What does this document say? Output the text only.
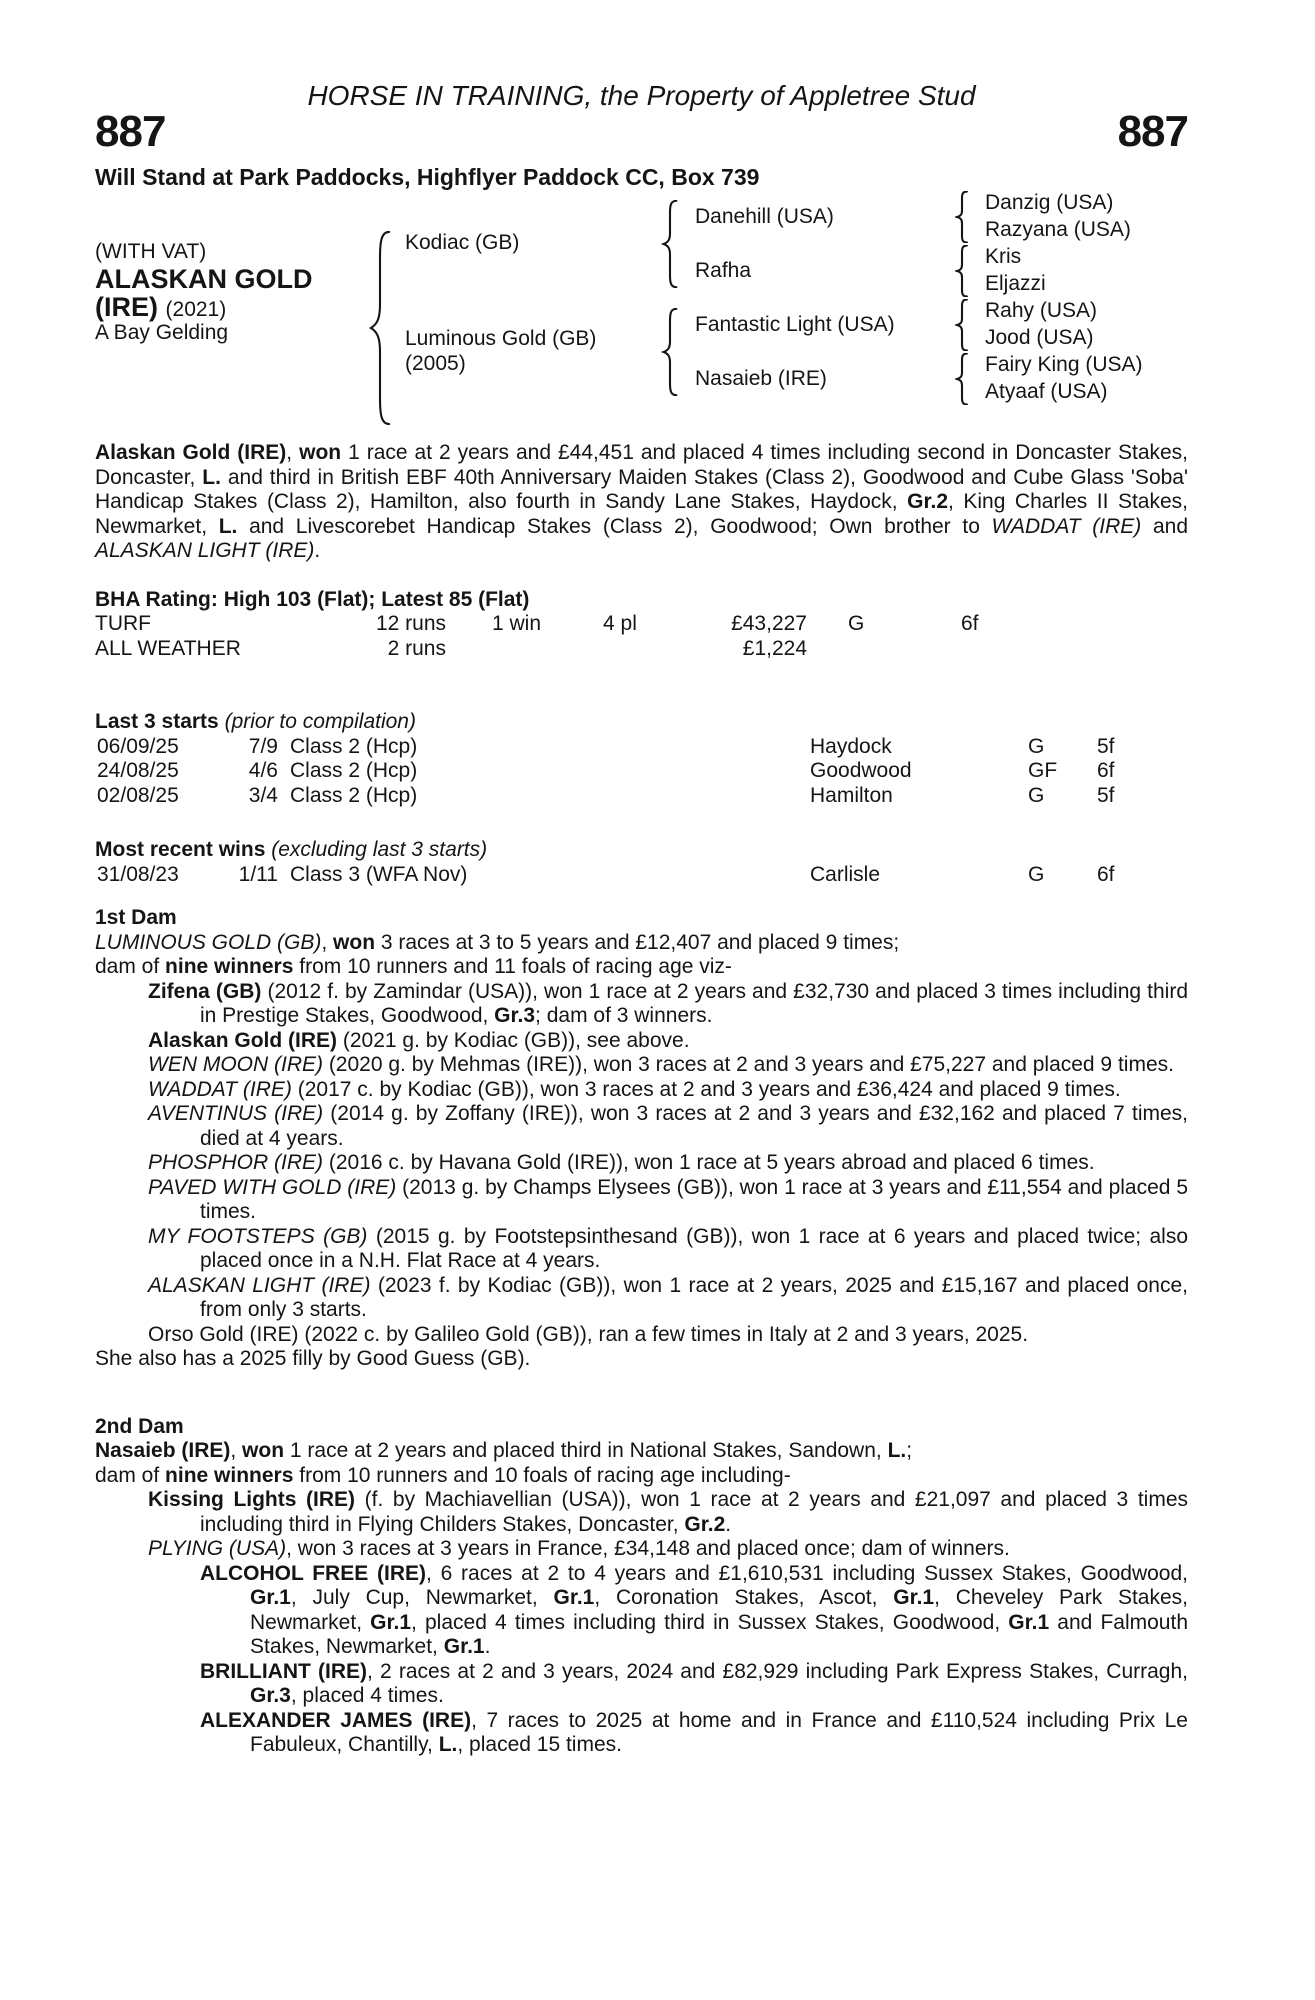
HORSE IN TRAINING, the Property of Appletree Stud
887	887
Will Stand at Park Paddocks, Highflyer Paddock CC, Box 739
(WITH VAT)
ALASKAN GOLD
(IRE) (2021)
A Bay Gelding
Kodiac (GB)
Luminous Gold (GB)
(2005)
Danehill (USA)
Rafha
Fantastic Light (USA)
Nasaieb (IRE)
Danzig (USA)
Razyana (USA)
Kris
Eljazzi
Rahy (USA)
Jood (USA)
Fairy King (USA)
Atyaaf (USA)
Alaskan Gold (IRE), won 1 race at 2 years and £44,451 and placed 4 times including second in Doncaster Stakes, Doncaster, L. and third in British EBF 40th Anniversary Maiden Stakes (Class 2), Goodwood and Cube Glass 'Soba' Handicap Stakes (Class 2), Hamilton, also fourth in Sandy Lane Stakes, Haydock, Gr.2, King Charles II Stakes, Newmarket, L. and Livescorebet Handicap Stakes (Class 2), Goodwood; Own brother to WADDAT (IRE) and ALASKAN LIGHT (IRE).
BHA Rating: High 103 (Flat); Latest 85 (Flat)
TURF	12 runs 1 win	4 pl	£43,227 G	6f
ALL WEATHER	2 runs	£1,224
Last 3 starts (prior to compilation)
06/09/25	7/9 Class 2 (Hcp)	Haydock	G	5f
24/08/25	4/6 Class 2 (Hcp)	Goodwood	GF 6f
02/08/25	3/4 Class 2 (Hcp)	Hamilton	G	5f
Most recent wins (excluding last 3 starts)
31/08/23	1/11 Class 3 (WFA Nov)	Carlisle	G	6f
1st Dam
LUMINOUS GOLD (GB), won 3 races at 3 to 5 years and £12,407 and placed 9 times;
dam of nine winners from 10 runners and 11 foals of racing age viz-
Zifena (GB) (2012 f. by Zamindar (USA)), won 1 race at 2 years and £32,730 and placed 3 times including third in Prestige Stakes, Goodwood, Gr.3; dam of 3 winners.
Alaskan Gold (IRE) (2021 g. by Kodiac (GB)), see above.
WEN MOON (IRE) (2020 g. by Mehmas (IRE)), won 3 races at 2 and 3 years and £75,227 and placed 9 times.
WADDAT (IRE) (2017 c. by Kodiac (GB)), won 3 races at 2 and 3 years and £36,424 and placed 9 times.
AVENTINUS (IRE) (2014 g. by Zoffany (IRE)), won 3 races at 2 and 3 years and £32,162 and placed 7 times, died at 4 years.
PHOSPHOR (IRE) (2016 c. by Havana Gold (IRE)), won 1 race at 5 years abroad and placed 6 times.
PAVED WITH GOLD (IRE) (2013 g. by Champs Elysees (GB)), won 1 race at 3 years and £11,554 and placed 5 times.
MY FOOTSTEPS (GB) (2015 g. by Footstepsinthesand (GB)), won 1 race at 6 years and placed twice; also placed once in a N.H. Flat Race at 4 years.
ALASKAN LIGHT (IRE) (2023 f. by Kodiac (GB)), won 1 race at 2 years, 2025 and £15,167 and placed once, from only 3 starts.
Orso Gold (IRE) (2022 c. by Galileo Gold (GB)), ran a few times in Italy at 2 and 3 years, 2025.
She also has a 2025 filly by Good Guess (GB).
2nd Dam
Nasaieb (IRE), won 1 race at 2 years and placed third in National Stakes, Sandown, L.;
dam of nine winners from 10 runners and 10 foals of racing age including-
Kissing Lights (IRE) (f. by Machiavellian (USA)), won 1 race at 2 years and £21,097 and placed 3 times including third in Flying Childers Stakes, Doncaster, Gr.2.
PLYING (USA), won 3 races at 3 years in France, £34,148 and placed once; dam of winners.
ALCOHOL FREE (IRE), 6 races at 2 to 4 years and £1,610,531 including Sussex Stakes, Goodwood, Gr.1, July Cup, Newmarket, Gr.1, Coronation Stakes, Ascot, Gr.1, Cheveley Park Stakes, Newmarket, Gr.1, placed 4 times including third in Sussex Stakes, Goodwood, Gr.1 and Falmouth Stakes, Newmarket, Gr.1.
BRILLIANT (IRE), 2 races at 2 and 3 years, 2024 and £82,929 including Park Express Stakes, Curragh, Gr.3, placed 4 times.
ALEXANDER JAMES (IRE), 7 races to 2025 at home and in France and £110,524 including Prix Le Fabuleux, Chantilly, L., placed 15 times.
